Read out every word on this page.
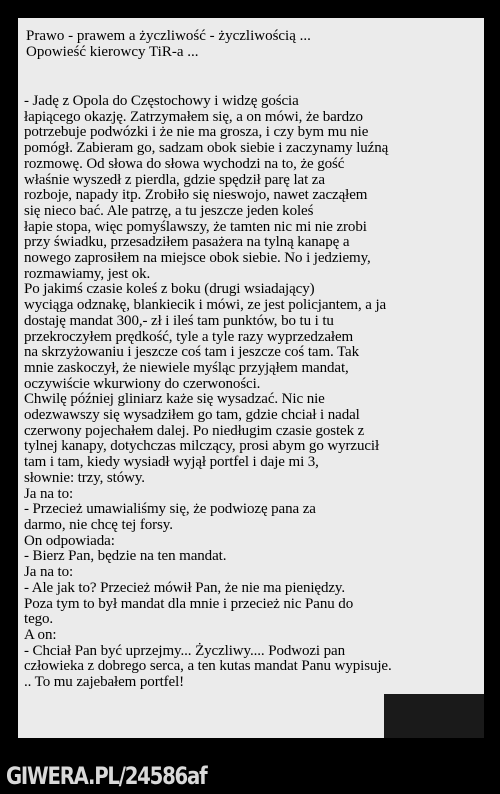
Prawo - prawem a życzliwość - życzliwością ...
Opowieść kierowcy TiR-a ...

- Jadę z Opola do Częstochowy i widzę gościa
łapiącego okazję. Zatrzymałem się, a on mówi, że bardzo
potrzebuje podwózki i że nie ma grosza, i czy bym mu nie
pomógł. Zabieram go, sadzam obok siebie i zaczynamy luźną
rozmowę. Od słowa do słowa wychodzi na to, że gość
właśnie wyszedł z pierdla, gdzie spędził parę lat za
rozboje, napady itp. Zrobiło się nieswojo, nawet zacząłem
się nieco bać. Ale patrzę, a tu jeszcze jeden koleś
łapie stopa, więc pomyślawszy, że tamten nic mi nie zrobi
przy świadku, przesadziłem pasażera na tylną kanapę a
nowego zaprosiłem na miejsce obok siebie. No i jedziemy,
rozmawiamy, jest ok.

Po jakimś czasie koleś z boku (drugi wsiadający)
wyciąga odznakę, blankiecik i mówi, ze jest policjantem, a ja
dostaję mandat 300,- zł i ileś tam punktów, bo tu i tu
przekroczyłem prędkość, tyle a tyle razy wyprzedzałem
na skrzyżowaniu i jeszcze coś tam i jeszcze coś tam. Tak
mnie zaskoczył, że niewiele myśląc przyjąłem mandat,
oczywiście wkurwiony do czerwoności.

Chwilę później gliniarz każe się wysadzać. Nic nie
odezwawszy się wysadziłem go tam, gdzie chciał i nadal
czerwony pojechałem dalej. Po niedługim czasie gostek z
tylnej kanapy, dotychczas milczący, prosi abym go wyrzucił
tam i tam, kiedy wysiadł wyjął portfel i daje mi 3,
słownie: trzy, stówy.

Ja na to:

- Przecież umawialiśmy się, że podwiozę pana za
darmo, nie chcę tej forsy.

On odpowiada:

- Bierz Pan, będzie na ten mandat.

Ja na to:

- Ale jak to? Przecież mówił Pan, że nie ma pieniędzy.
Poza tym to był mandat dla mnie i przecież nic Panu do
tego.

A on:

- Chciał Pan być uprzejmy... Życzliwy.... Podwozi pan
człowieka z dobrego serca, a ten kutas mandat Panu wypisuje.
.. To mu zajebałem portfel!

GIWERA.PL/24586af
